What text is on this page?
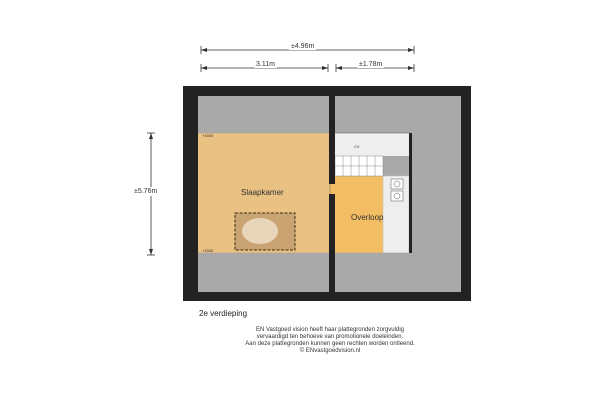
±4.96m
3.11m	±1.78m
±5.76m	Slaapkamer
Overloop
CV
+1500
+1500
2e verdieping
EN Vastgoed vision heeft haar plattegronden zorgvuldig
vervaardigd ten behoeve van promotionele doeleinden.
Aan deze plattegronden kunnen geen rechten worden ontleend.
© ENvastgoedvision.nl
